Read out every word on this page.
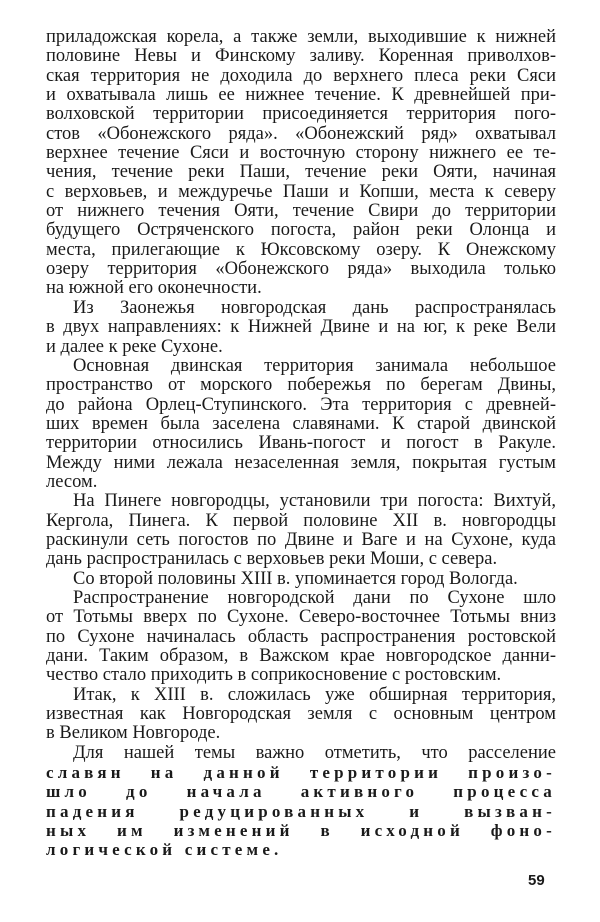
приладожская корела, а также земли, выходившие к нижней
половине Невы и Финскому заливу. Коренная приволхов-
ская территория не доходила до верхнего плеса реки Сяси
и охватывала лишь ее нижнее течение. К древнейшей при-
волховской территории присоединяется территория пого-
стов «Обонежского ряда». «Обонежский ряд» охватывал
верхнее течение Сяси и восточную сторону нижнего ее те-
чения, течение реки Паши, течение реки Ояти, начиная
с верховьев, и междуречье Паши и Копши, места к северу
от нижнего течения Ояти, течение Свири до территории
будущего Остряченского погоста, район реки Олонца и
места, прилегающие к Юксовскому озеру. К Онежскому
озеру территория «Обонежского ряда» выходила только
на южной его оконечности.
Из Заонежья новгородская дань распространялась
в двух направлениях: к Нижней Двине и на юг, к реке Вели
и далее к реке Сухоне.
Основная двинская территория занимала небольшое
пространство от морского побережья по берегам Двины,
до района Орлец-Ступинского. Эта территория с древней-
ших времен была заселена славянами. К старой двинской
территории относились Ивань-погост и погост в Ракуле.
Между ними лежала незаселенная земля, покрытая густым
лесом.
На Пинеге новгородцы, установили три погоста: Вихтуй,
Кергола, Пинега. К первой половине XII в. новгородцы
раскинули сеть погостов по Двине и Ваге и на Сухоне, куда
дань распространилась с верховьев реки Моши, с севера.
Со второй половины XIII в. упоминается город Вологда.
Распространение новгородской дани по Сухоне шло
от Тотьмы вверх по Сухоне. Северо-восточнее Тотьмы вниз
по Сухоне начиналась область распространения ростовской
дани. Таким образом, в Важском крае новгородское данни-
чество стало приходить в соприкосновение с ростовским.
Итак, к XIII в. сложилась уже обширная территория,
известная как Новгородская земля с основным центром
в Великом Новгороде.
Для нашей темы важно отметить, что расселение
славян на данной территории произо-
шло до начала активного процесса
падения редуцированных и вызван-
ных им изменений в исходной фоно-
логической системе.
59
